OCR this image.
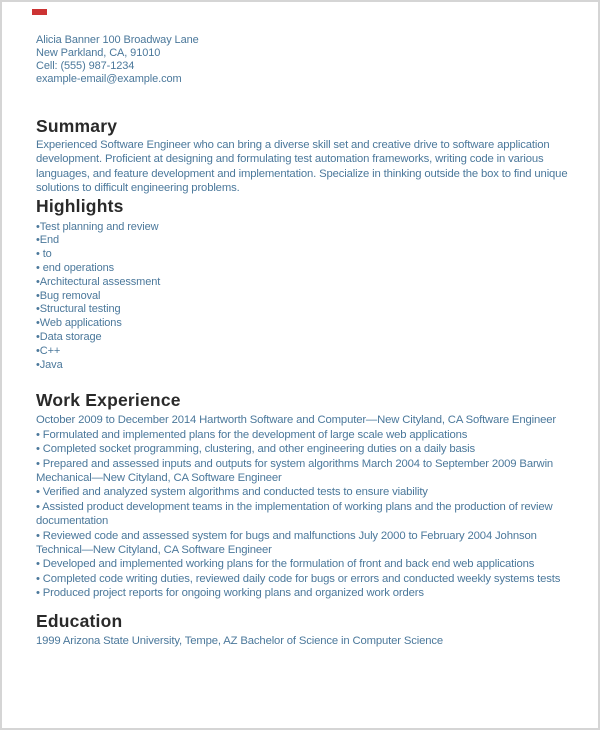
Alicia Banner 100 Broadway Lane
New Parkland, CA, 91010
Cell: (555) 987-1234
example-email@example.com
Summary
Experienced Software Engineer who can bring a diverse skill set and creative drive to software application development. Proficient at designing and formulating test automation frameworks, writing code in various languages, and feature development and implementation. Specialize in thinking outside the box to find unique solutions to difficult engineering problems.
Highlights
•Test planning and review
•End
• to
• end operations
•Architectural assessment
•Bug removal
•Structural testing
•Web applications
•Data storage
•C++
•Java
Work Experience

October 2009 to December 2014 Hartworth Software and Computer—New Cityland, CA Software Engineer

• Formulated and implemented plans for the development of large scale web applications

• Completed socket programming, clustering, and other engineering duties on a daily basis

• Prepared and assessed inputs and outputs for system algorithms March 2004 to September 2009 Barwin Mechanical—New Cityland, CA Software Engineer

• Verified and analyzed system algorithms and conducted tests to ensure viability

• Assisted product development teams in the implementation of working plans and the production of review documentation

• Reviewed code and assessed system for bugs and malfunctions July 2000 to February 2004 Johnson Technical—New Cityland, CA Software Engineer

• Developed and implemented working plans for the formulation of front and back end web applications

• Completed code writing duties, reviewed daily code for bugs or errors and conducted weekly systems tests

• Produced project reports for ongoing working plans and organized work orders

Education
1999 Arizona State University, Tempe, AZ Bachelor of Science in Computer Science
